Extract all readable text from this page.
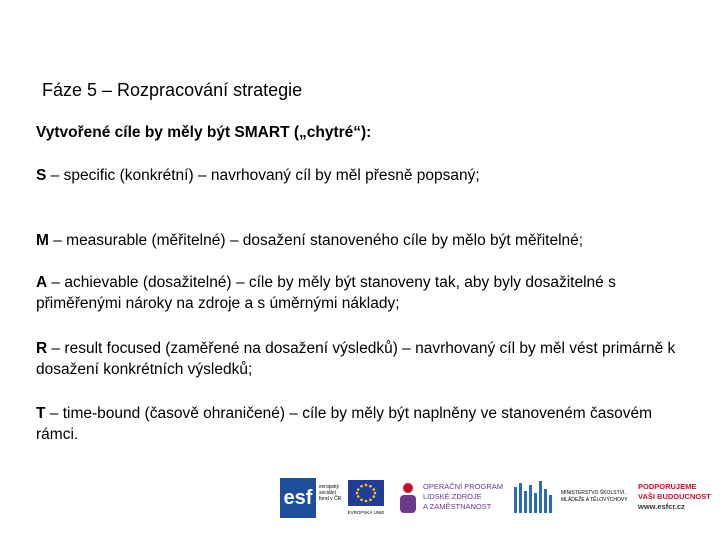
Fáze 5 – Rozpracování strategie
Vytvořené cíle by měly být SMART („chytré“):
S – specific (konkrétní) – navrhovaný cíl by měl přesně popsaný;
M – measurable (měřitelné) – dosažení stanoveného cíle by mělo být měřitelné;
A – achievable (dosažitelné) – cíle by měly být stanoveny tak, aby byly dosažitelné s přiměřenými nároky na zdroje a s úměrnými náklady;
R – result focused (zaměřené na dosažení výsledků) – navrhovaný cíl by měl vést primárně k dosažení konkrétních výsledků;
T – time-bound (časově ohraničené) – cíle by měly být naplněny ve stanoveném časovém rámci.
esf	evropský sociální fond v ČR
EVROPSKÁ UNIE
OPERAČNÍ PROGRAM
LIDSKÉ ZDROJE
A ZAMĚSTNANOST
MINISTERSTVO ŠKOLSTVÍ,
MLÁDEŽE A TĚLOVÝCHOVY
PODPORUJEME
VAŠI BUDOUCNOST
www.esfcr.cz
